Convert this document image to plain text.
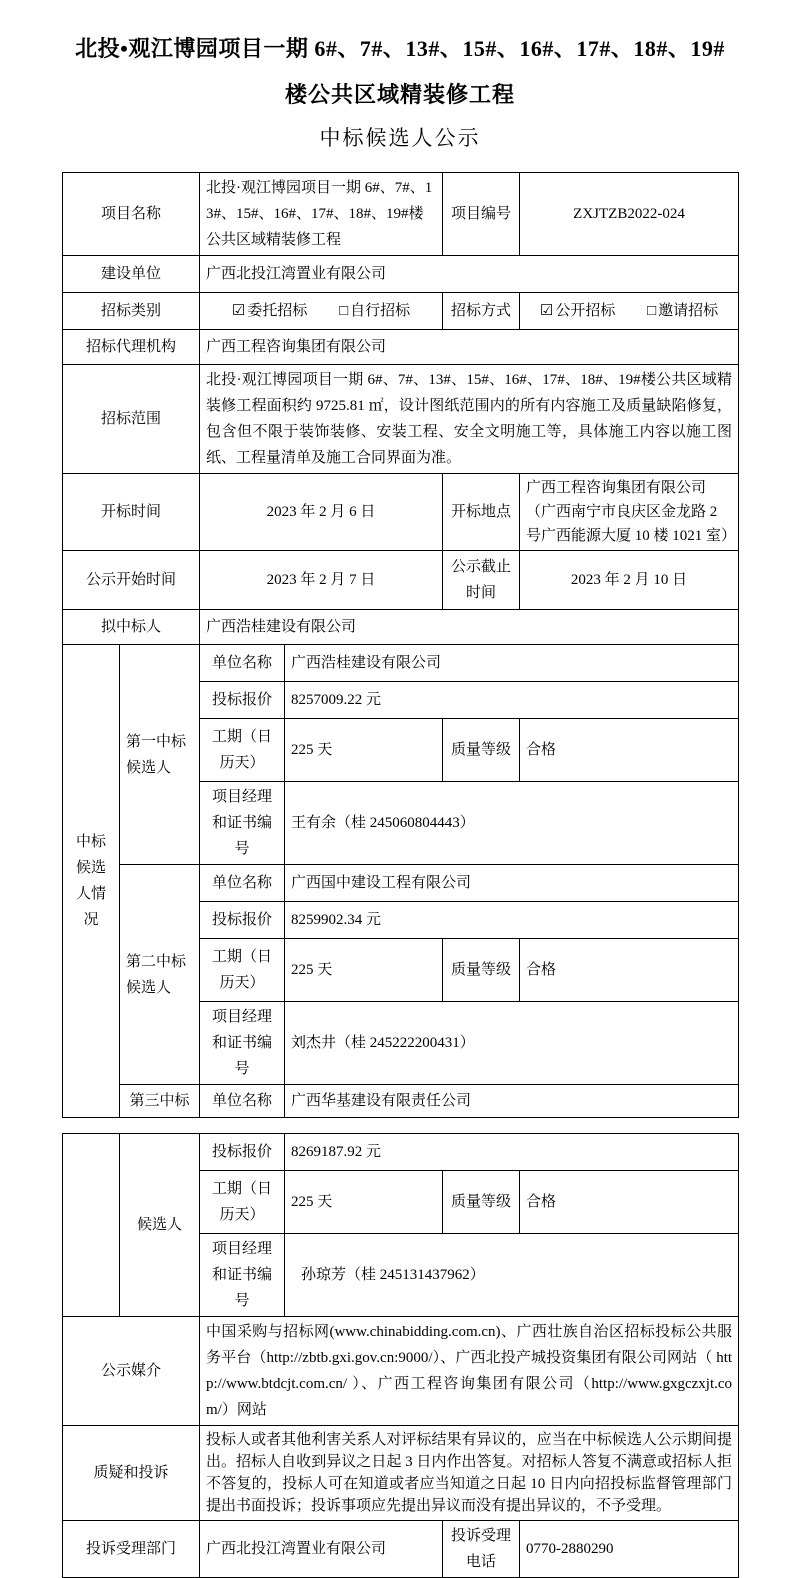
北投•观江博园项目一期 6#、7#、13#、15#、16#、17#、18#、19#
楼公共区域精装修工程
中标候选人公示
项目名称		北投·观江博园项目一期 6#、7#、13#、15#、16#、17#、18#、19#楼公共区域精装修工程		项目编号	ZXJTZB2022-024
建设单位		广西北投江湾置业有限公司			
招标类别		☑ 委托招标 □ 自行招标		招标方式	☑ 公开招标 □ 邀请招标
招标代理机构		广西工程咨询集团有限公司			
招标范围		北投·观江博园项目一期 6#、7#、13#、15#、16#、17#、18#、19#楼公共区域精装修工程面积约 9725.81 ㎡，设计图纸范围内的所有内容施工及质量缺陷修复，包含但不限于装饰装修、安装工程、安全文明施工等，具体施工内容以施工图纸、工程量清单及施工合同界面为准。			
开标时间		2023 年 2 月 6 日		开标地点	广西工程咨询集团有限公司（广西南宁市良庆区金龙路 2 号广西能源大厦 10 楼 1021 室）
公示开始时间		2023 年 2 月 7 日		公示截止时间	2023 年 2 月 10 日
拟中标人		广西浩桂建设有限公司			
中标候选人情况	第一中标候选人	单位名称	广西浩桂建设有限公司		
		投标报价	8257009.22 元		
		工期（日历天）	225 天	质量等级	合格
		项目经理和证书编号	王有余（桂 245060804443）		
	第二中标候选人	单位名称	广西国中建设工程有限公司		
		投标报价	8259902.34 元		
		工期（日历天）	225 天	质量等级	合格
		项目经理和证书编号	刘杰井（桂 245222200431）		
	第三中标	单位名称	广西华基建设有限责任公司		
	候选人	投标报价	8269187.92 元		
		工期（日历天）	225 天	质量等级	合格
		项目经理和证书编号	孙琼芳（桂 245131437962）		
公示媒介		中国采购与招标网(www.chinabidding.com.cn)、广西壮族自治区招标投标公共服务平台（http://zbtb.gxi.gov.cn:9000/）、广西北投产城投资集团有限公司网站（ http://www.btdcjt.com.cn/ ）、广西工程咨询集团有限公司（http://www.gxgczxjt.com/）网站			
质疑和投诉		投标人或者其他利害关系人对评标结果有异议的，应当在中标候选人公示期间提出。招标人自收到异议之日起 3 日内作出答复。对招标人答复不满意或招标人拒不答复的，投标人可在知道或者应当知道之日起 10 日内向招投标监督管理部门提出书面投诉；投诉事项应先提出异议而没有提出异议的，不予受理。			
投诉受理部门		广西北投江湾置业有限公司		投诉受理电话	0770-2880290
